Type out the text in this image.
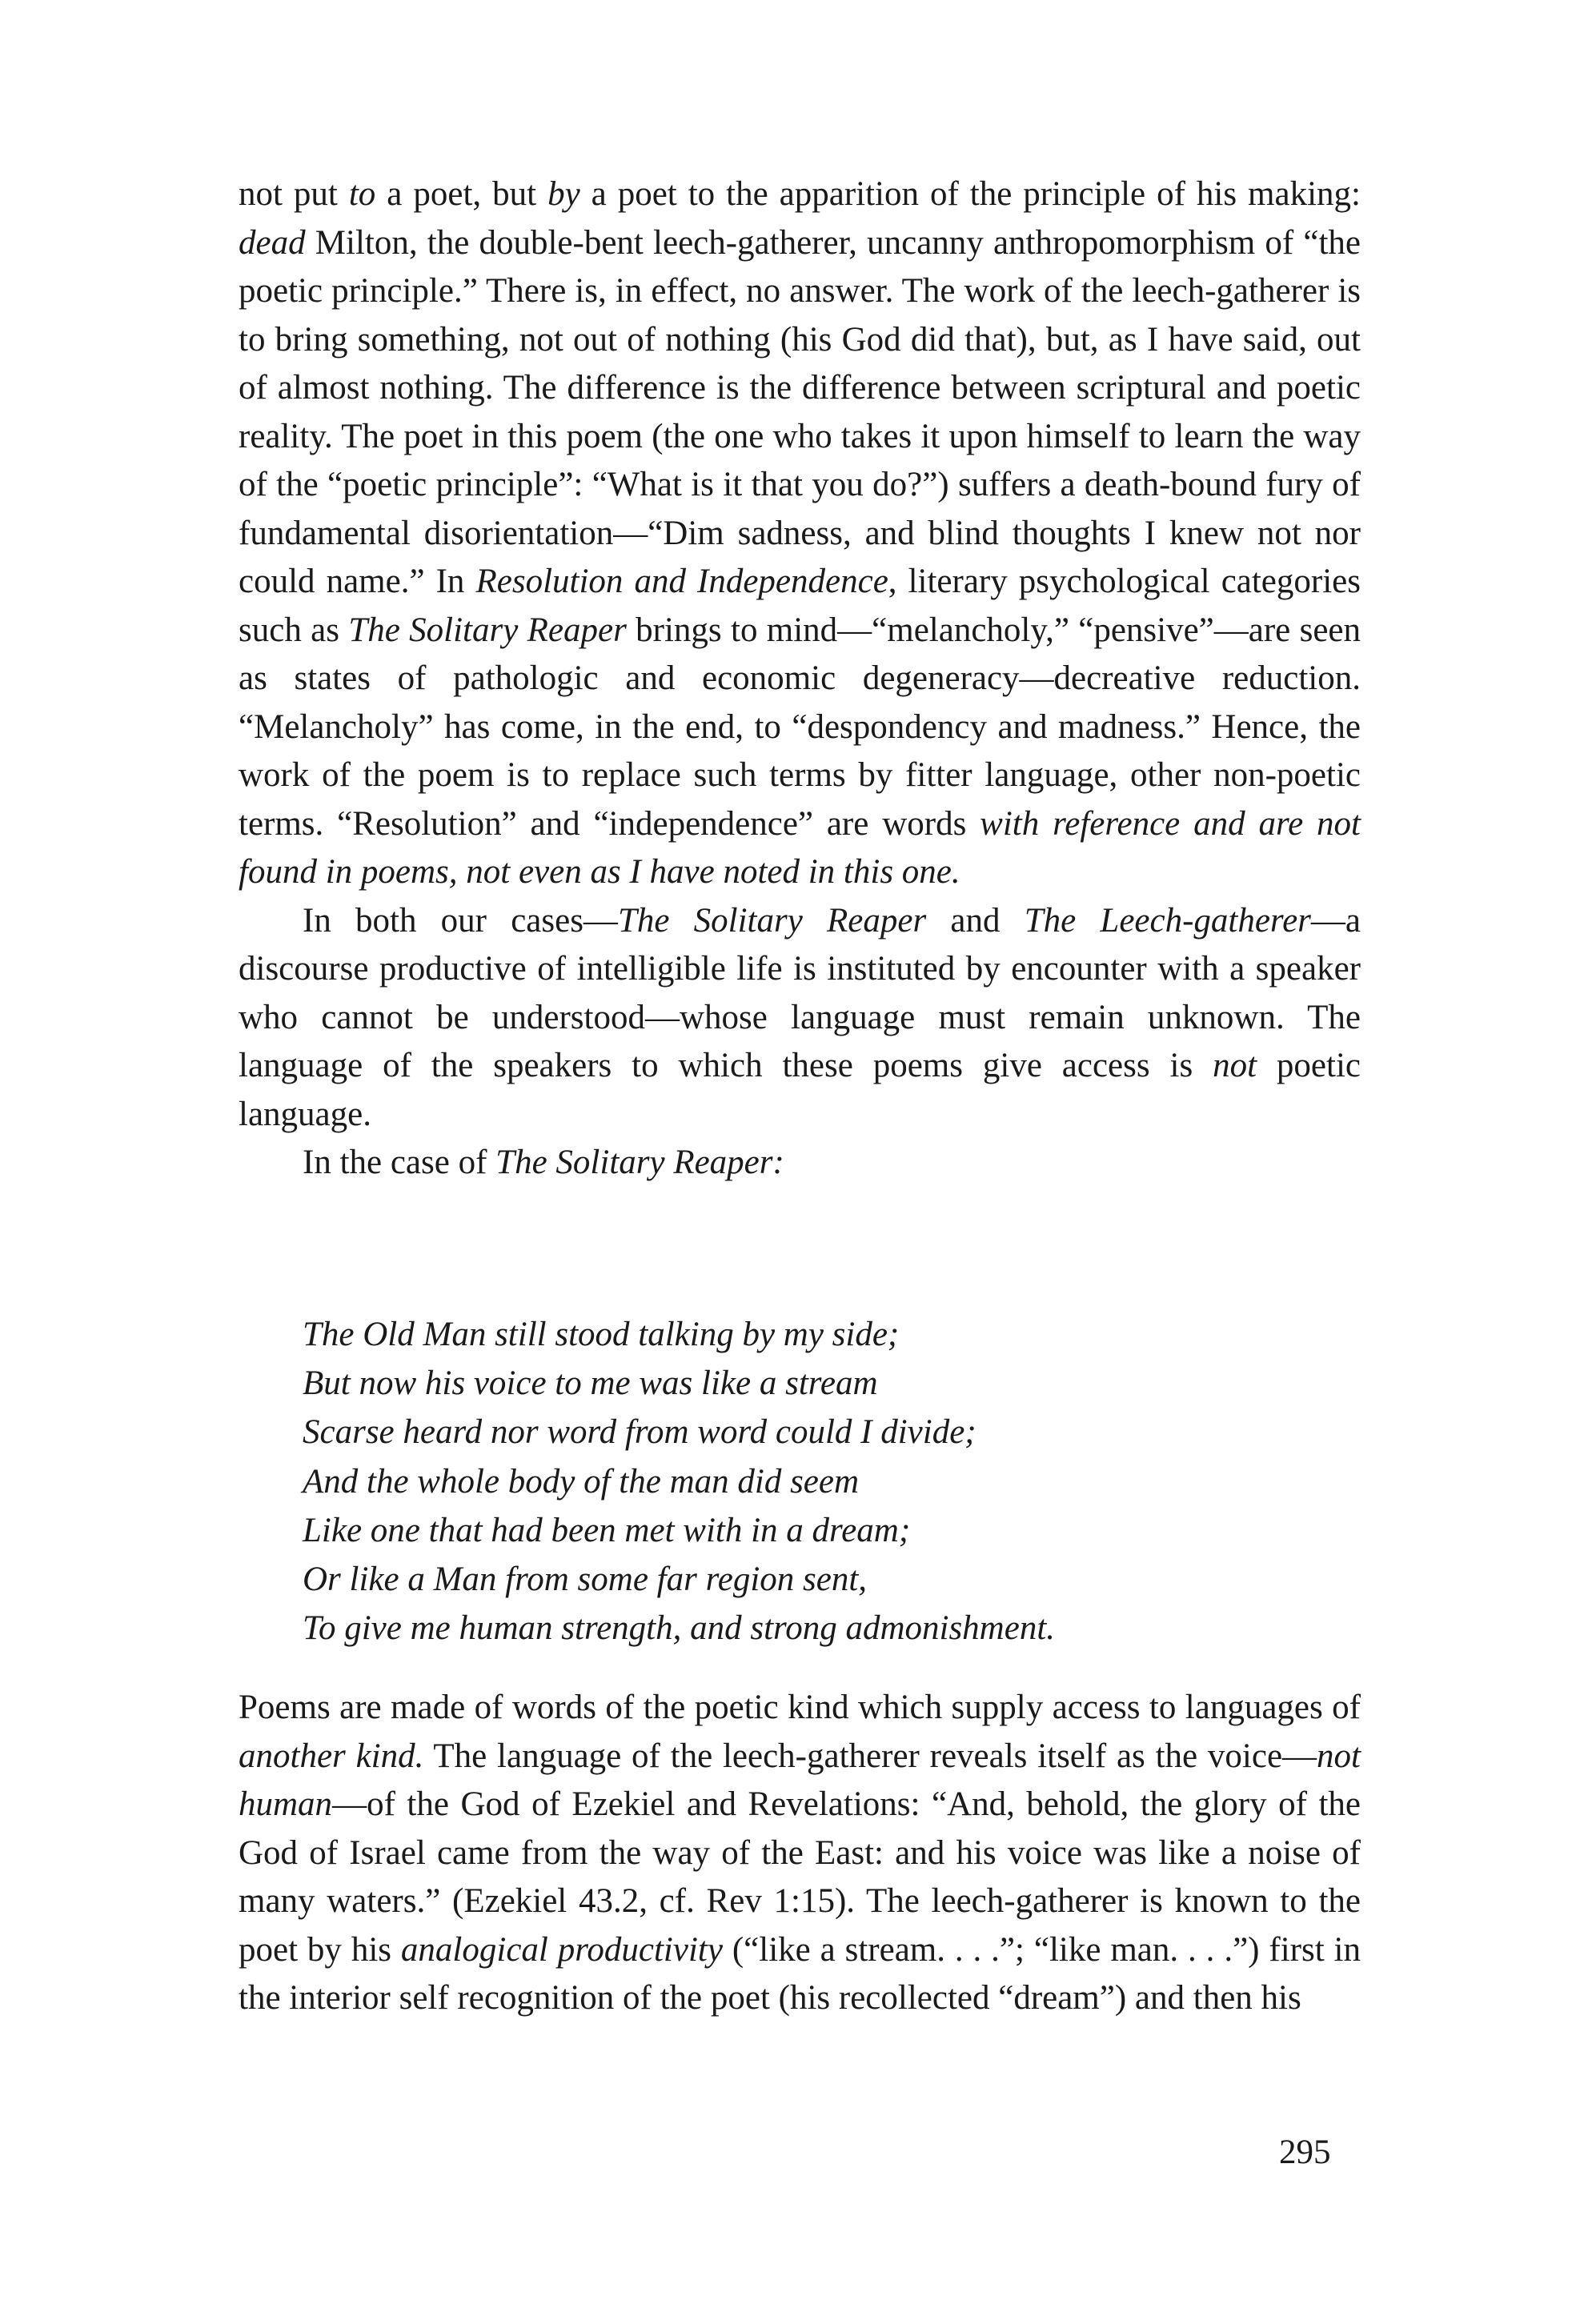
not put to a poet, but by a poet to the apparition of the principle of his making: dead Milton, the double-bent leech-gatherer, uncanny anthropomorphism of “the poetic principle.” There is, in effect, no answer. The work of the leech-gatherer is to bring something, not out of nothing (his God did that), but, as I have said, out of almost nothing. The difference is the difference between scriptural and poetic reality. The poet in this poem (the one who takes it upon himself to learn the way of the “poetic principle”: “What is it that you do?”) suffers a death-bound fury of fundamental disorientation—“Dim sadness, and blind thoughts I knew not nor could name.” In Resolution and Independence, literary psychological categories such as The Solitary Reaper brings to mind—“melancholy,” “pensive”—are seen as states of pathologic and economic degeneracy—decreative reduction. “Melancholy” has come, in the end, to “despondency and madness.” Hence, the work of the poem is to replace such terms by fitter language, other non-poetic terms. “Resolution” and “independence” are words with reference and are not found in poems, not even as I have noted in this one.

In both our cases—The Solitary Reaper and The Leech-gatherer—a discourse productive of intelligible life is instituted by encounter with a speaker who cannot be understood—whose language must remain unknown. The language of the speakers to which these poems give access is not poetic language.

In the case of The Solitary Reaper:

The Old Man still stood talking by my side;
But now his voice to me was like a stream
Scarse heard nor word from word could I divide;
And the whole body of the man did seem
Like one that had been met with in a dream;
Or like a Man from some far region sent,
To give me human strength, and strong admonishment.

Poems are made of words of the poetic kind which supply access to languages of another kind. The language of the leech-gatherer reveals itself as the voice—not human—of the God of Ezekiel and Revelations: “And, behold, the glory of the God of Israel came from the way of the East: and his voice was like a noise of many waters.” (Ezekiel 43.2, cf. Rev 1:15). The leech-gatherer is known to the poet by his analogical productivity (“like a stream. . . .”; “like man. . . .”) first in the interior self recognition of the poet (his recollected “dream”) and then his

295
